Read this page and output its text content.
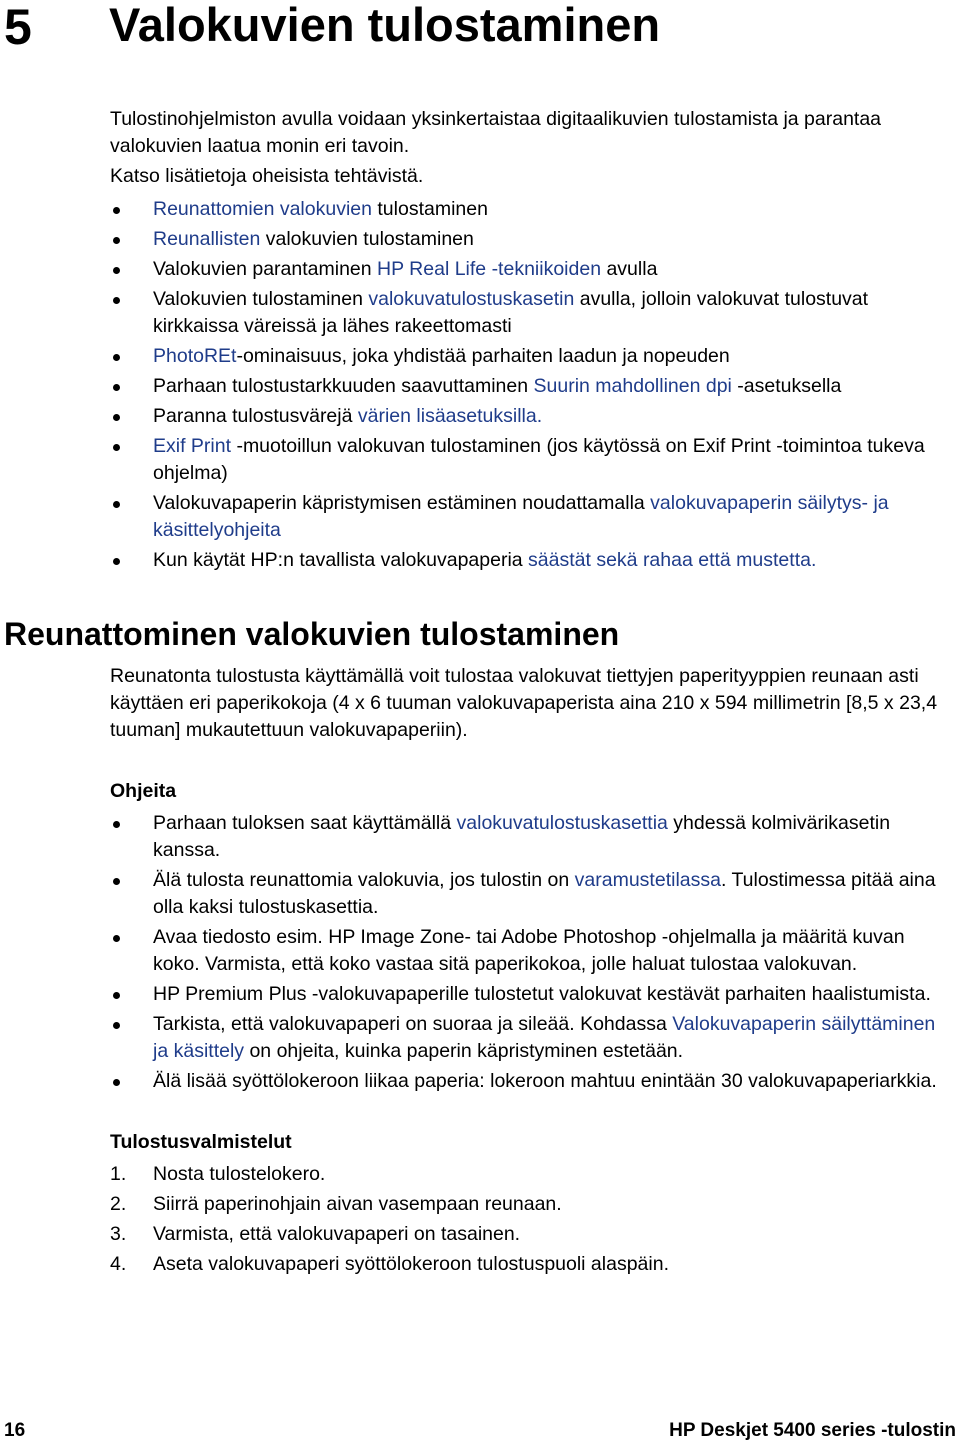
5 Valokuvien tulostaminen

Tulostinohjelmiston avulla voidaan yksinkertaistaa digitaalikuvien tulostamista ja parantaa valokuvien laatua monin eri tavoin.

Katso lisätietoja oheisista tehtävistä.

Reunattomien valokuvien tulostaminen
Reunallisten valokuvien tulostaminen
Valokuvien parantaminen HP Real Life -tekniikoiden avulla
Valokuvien tulostaminen valokuvatulostuskasetin avulla, jolloin valokuvat tulostuvat kirkkaissa väreissä ja lähes rakeettomasti
PhotoREt-ominaisuus, joka yhdistää parhaiten laadun ja nopeuden
Parhaan tulostustarkkuuden saavuttaminen Suurin mahdollinen dpi -asetuksella
Paranna tulostusvärejä värien lisäasetuksilla.
Exif Print -muotoillun valokuvan tulostaminen (jos käytössä on Exif Print -toimintoa tukeva ohjelma)
Valokuvapaperin käpristymisen estäminen noudattamalla valokuvapaperin säilytys- ja käsittelyohjeita
Kun käytät HP:n tavallista valokuvapaperia säästät sekä rahaa että mustetta.
Reunattominen valokuvien tulostaminen

Reunatonta tulostusta käyttämällä voit tulostaa valokuvat tiettyjen paperityyppien reunaan asti käyttäen eri paperikokoja (4 x 6 tuuman valokuvapaperista aina 210 x 594 millimetrin [8,5 x 23,4 tuuman] mukautettuun valokuvapaperiin).

Ohjeita

Parhaan tuloksen saat käyttämällä valokuvatulostuskasettia yhdessä kolmivärikasetin kanssa.
Älä tulosta reunattomia valokuvia, jos tulostin on varamustetilassa. Tulostimessa pitää aina olla kaksi tulostuskasettia.
Avaa tiedosto esim. HP Image Zone- tai Adobe Photoshop -ohjelmalla ja määritä kuvan koko. Varmista, että koko vastaa sitä paperikokoa, jolle haluat tulostaa valokuvan.
HP Premium Plus -valokuvapaperille tulostetut valokuvat kestävät parhaiten haalistumista.
Tarkista, että valokuvapaperi on suoraa ja sileää. Kohdassa Valokuvapaperin säilyttäminen ja käsittely on ohjeita, kuinka paperin käpristyminen estetään.
Älä lisää syöttölokeroon liikaa paperia: lokeroon mahtuu enintään 30 valokuvapaperiarkkia.

Tulostusvalmistelut

1. Nosta tulostelokero.
2. Siirrä paperinohjain aivan vasempaan reunaan.
3. Varmista, että valokuvapaperi on tasainen.
4. Aseta valokuvapaperi syöttölokeroon tulostuspuoli alaspäin.
16	HP Deskjet 5400 series -tulostin
